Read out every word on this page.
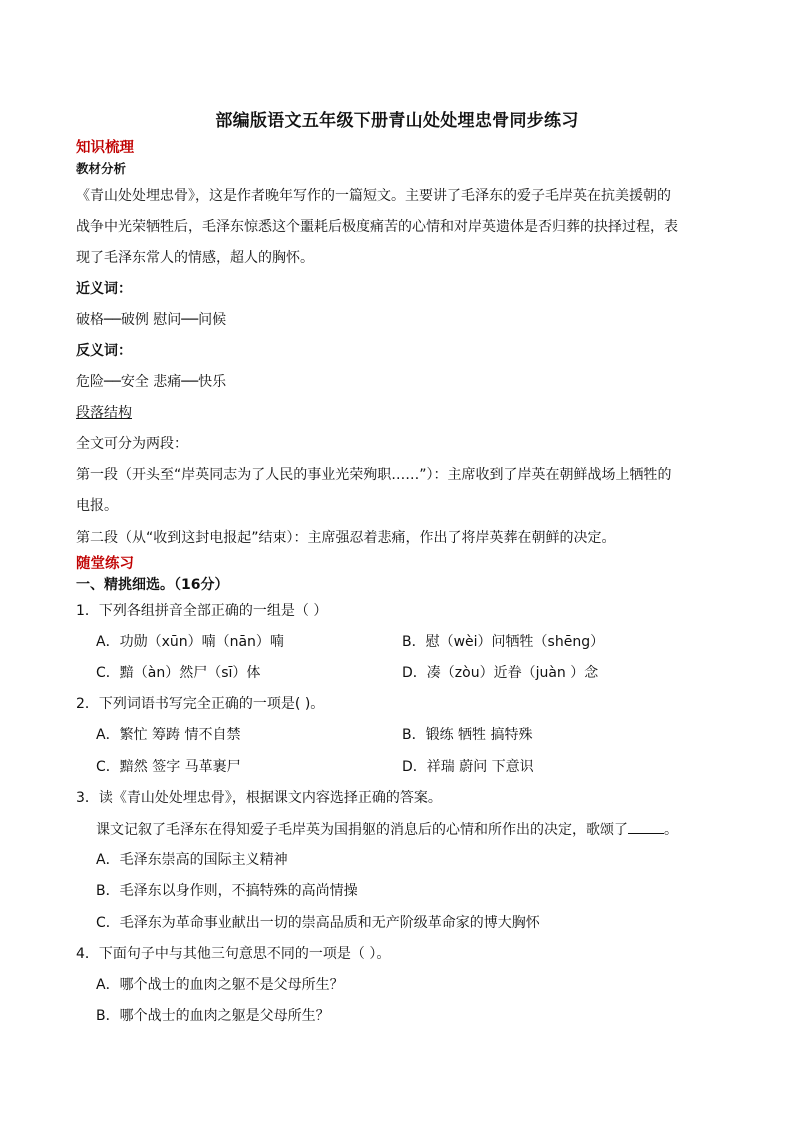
部编版语文五年级下册青山处处埋忠骨同步练习
知识梳理
教材分析
《青山处处埋忠骨》，这是作者晚年写作的一篇短文。主要讲了毛泽东的爱子毛岸英在抗美援朝的
战争中光荣牺牲后，毛泽东惊悉这个噩耗后极度痛苦的心情和对岸英遗体是否归葬的抉择过程，表
现了毛泽东常人的情感，超人的胸怀。
近义词：
破格──破例 慰问──问候
反义词：
危险──安全 悲痛──快乐
段落结构
全文可分为两段：
第一段（开头至“岸英同志为了人民的事业光荣殉职……”）：主席收到了岸英在朝鲜战场上牺牲的
电报。
第二段（从“收到这封电报起”结束）：主席强忍着悲痛，作出了将岸英葬在朝鲜的决定。
随堂练习
一、精挑细选。（16分）
1．下列各组拼音全部正确的一组是（ ）
A．功勋（xūn）喃（nān）喃	B．慰（wèi）问牺牲（shēng）
C．黯（àn）然尸（sī）体	D．凑（zòu）近眷（juàn ）念
2．下列词语书写完全正确的一项是( )。
A．繁忙 筹踌 情不自禁	B．锻练 牺牲 搞特殊
C．黯然 签字 马革裹尸	D．祥瑞 蔚问 下意识
3．读《青山处处埋忠骨》，根据课文内容选择正确的答案。
课文记叙了毛泽东在得知爱子毛岸英为国捐躯的消息后的心情和所作出的决定，歌颂了	。
A．毛泽东崇高的国际主义精神
B．毛泽东以身作则，不搞特殊的高尚情操
C．毛泽东为革命事业献出一切的崇高品质和无产阶级革命家的博大胸怀
4．下面句子中与其他三句意思不同的一项是（ ）。
A．哪个战士的血肉之躯不是父母所生？
B．哪个战士的血肉之躯是父母所生？
